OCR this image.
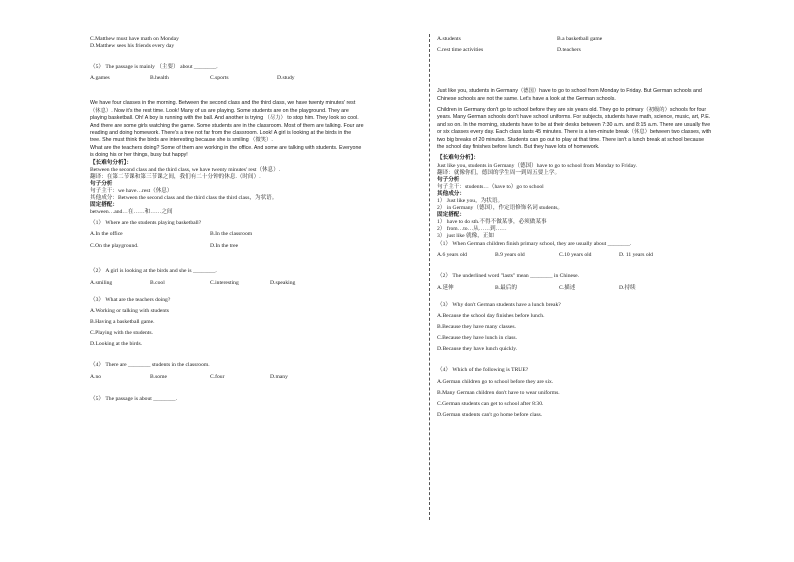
C.Matthew must have math on Monday
D.Matthew sees his friends every day
（5） The passage is mainly （主要） about ________.
A.games	B.health	C.sports	D.study
We have four classes in the morning. Between the second class and the third class, we have twenty minutes' rest
（休息）. Now it's the rest time. Look! Many of us are playing. Some students are on the playground. They are
playing basketball. Oh! A boy is running with the ball. And another is trying （尽力） to stop him. They look so cool.
And there are some girls watching the game. Some students are in the classroom. Most of them are talking. Four are
reading and doing homework. There's a tree not far from the classroom. Look! A girl is looking at the birds in the
tree. She must think the birds are interesting because she is smiling （微笑）.
What are the teachers doing? Some of them are working in the office. And some are talking with students. Everyone
is doing his or her things, busy but happy!
【长难句分析】：
Between the second class and the third class, we have twenty minutes' rest（休息）.
翻译：在第二节课和第三节课之间，我们有二十分钟的休息.（时间）.
句子分析
句子主干：we have…rest（休息）
其他成分：Between the second class and the third class the third class，为状语。
固定搭配：
between…and…在……和……之间
（1） Where are the students playing basketball?
A.In the office	B.In the classroom
C.On the playground.	D.In the tree
（2） A girl is looking at the birds and she is ________.
A.smiling	B.cool	C.interesting	D.speaking
（3） What are the teachers doing?
A.Working or talking with students
B.Having a basketball game.
C.Playing with the students.
D.Looking at the birds.
（4） There are ________ students in the classroom.
A.no	B.some	C.four	D.many
（5） The passage is about ________.
A.students	B.a basketball game
C.rest time activities	D.teachers
Just like you, students in Germany（德国）have to go to school from Monday to Friday. But German schools and
Chinese schools are not the same. Let's have a look at the German schools.
Children in Germany don't go to school before they are six years old. They go to primary（初级的）schools for four
years. Many German schools don't have school uniforms. For subjects, students have math, science, music, art, P.E.
and so on. In the morning, students have to be at their desks between 7:30 a.m. and 8:15 a.m. There are usually five
or six classes every day. Each class lasts 45 minutes. There is a ten-minute break（休息）between two classes, with
two big breaks of 20 minutes. Students can go out to play at that time. There isn't a lunch break at school because
the school day finishes before lunch. But they have lots of homework.
【长难句分析】：
Just like you, students in Germany（德国）have to go to school from Monday to Friday.
翻译：就像你们，德国的学生周一到周五要上学。
句子分析
句子主干：students…（have to）go to school
其他成分：
1） Just like you，为状语。
2） in Germany（德国），作定语修饰名词 students。
固定搭配：
1） have to do sth.不得不做某事，必须做某事
2） from…to…从……到……
3） just like 就像，正如
（1） When German children finish primary school, they are usually about ________.
A.6 years old	B.9 years old	C.10 years old	D. 11 years old
（2） The underlined word "lasts" mean ________ in Chinese.
A.延伸	B.最后的	C.描述	D.持续
（3） Why don't German students have a lunch break?
A.Because the school day finishes before lunch.
B.Because they have many classes.
C.Because they have lunch in class.
D.Because they have lunch quickly.
（4） Which of the following is TRUE?
A.German children go to school before they are six.
B.Many German children don't have to wear uniforms.
C.German students can get to school after 8:30.
D.German students can't go home before class.
